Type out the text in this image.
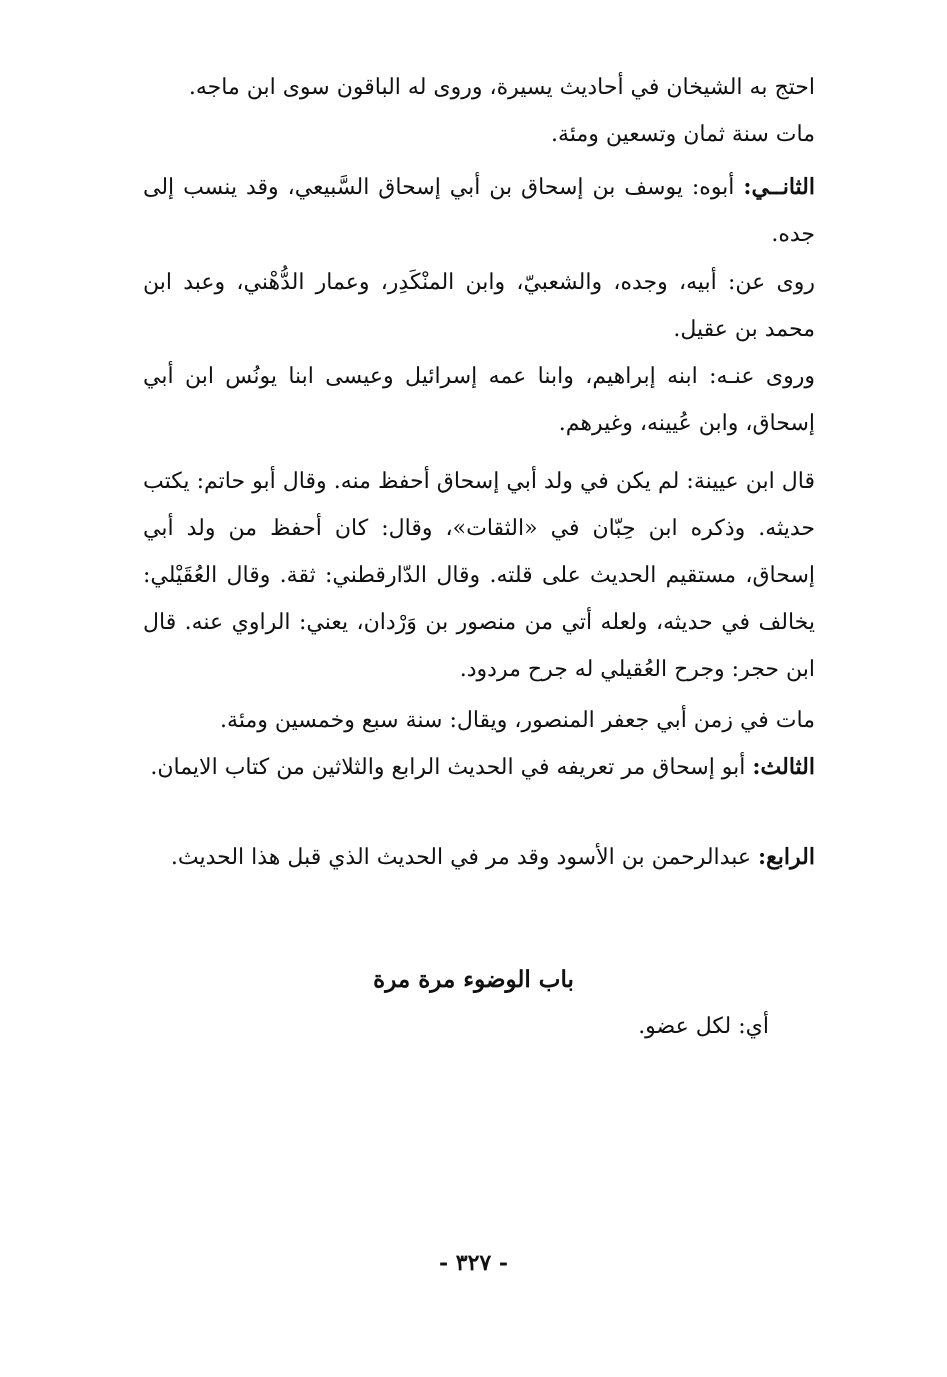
احتج به الشيخان في أحاديث يسيرة، وروى له الباقون سوى ابن ماجه.

مات سنة ثمان وتسعين ومئة.

الثانــي: أبوه: يوسف بن إسحاق بن أبي إسحاق السَّبيعي، وقد ينسب إلى جده.

روى عن: أبيه، وجده، والشعبيّ، وابن المنْكَدِر، وعمار الدُّهْني، وعبد ابن محمد بن عقيل.

وروى عنـه: ابنه إبراهيم، وابنا عمه إسرائيل وعيسى ابنا يونُس ابن أبي إسحاق، وابن عُيينه، وغيرهم.

قال ابن عيينة: لم يكن في ولد أبي إسحاق أحفظ منه. وقال أبو حاتم: يكتب حديثه. وذكره ابن حِبّان في «الثقات»، وقال: كان أحفظ من ولد أبي إسحاق، مستقيم الحديث على قلته. وقال الدّارقطني: ثقة. وقال العُقَيْلي: يخالف في حديثه، ولعله أتي من منصور بن وَرْدان، يعني: الراوي عنه. قال ابن حجر: وجرح العُقيلي له جرح مردود.

مات في زمن أبي جعفر المنصور، ويقال: سنة سبع وخمسين ومئة.

الثالث: أبو إسحاق مر تعريفه في الحديث الرابع والثلاثين من كتاب الايمان.

الرابع: عبدالرحمن بن الأسود وقد مر في الحديث الذي قبل هذا الحديث.

باب الوضوء مرة مرة
أي: لكل عضو.
- ٣٢٧ -
